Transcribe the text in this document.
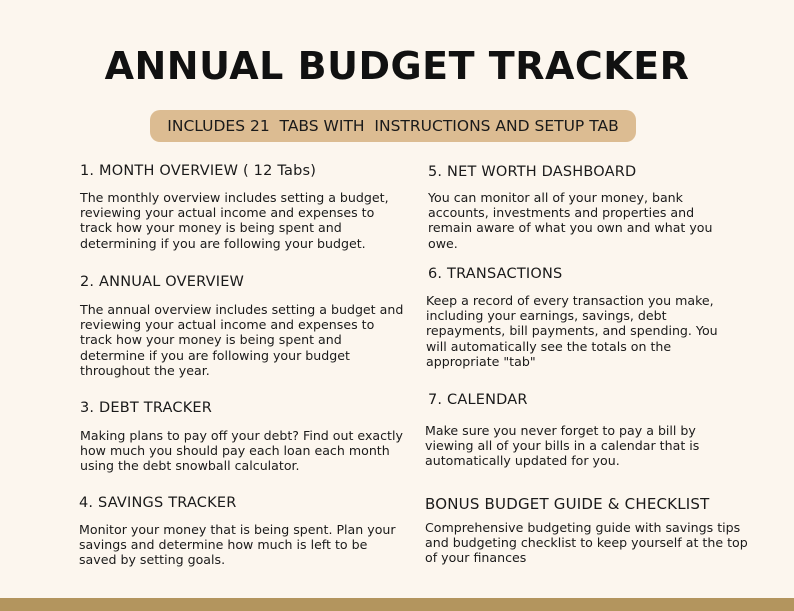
ANNUAL BUDGET TRACKER
INCLUDES 21  TABS WITH  INSTRUCTIONS AND SETUP TAB
1. MONTH OVERVIEW ( 12 Tabs)
The monthly overview includes setting a budget, reviewing your actual income and expenses to track how your money is being spent and determining if you are following your budget.
2. ANNUAL OVERVIEW
The annual overview includes setting a budget and reviewing your actual income and expenses to track how your money is being spent and determine if you are following your budget throughout the year.
3. DEBT TRACKER
Making plans to pay off your debt? Find out exactly how much you should pay each loan each month using the debt snowball calculator.
4. SAVINGS TRACKER
Monitor your money that is being spent. Plan your savings and determine how much is left to be saved by setting goals.
5. NET WORTH DASHBOARD
You can monitor all of your money, bank accounts, investments and properties and remain aware of what you own and what you owe.
6. TRANSACTIONS
Keep a record of every transaction you make, including your earnings, savings, debt repayments, bill payments, and spending. You will automatically see the totals on the appropriate "tab"
7. CALENDAR
Make sure you never forget to pay a bill by viewing all of your bills in a calendar that is automatically updated for you.
BONUS BUDGET GUIDE & CHECKLIST
Comprehensive budgeting guide with savings tips and budgeting checklist to keep yourself at the top of your finances
